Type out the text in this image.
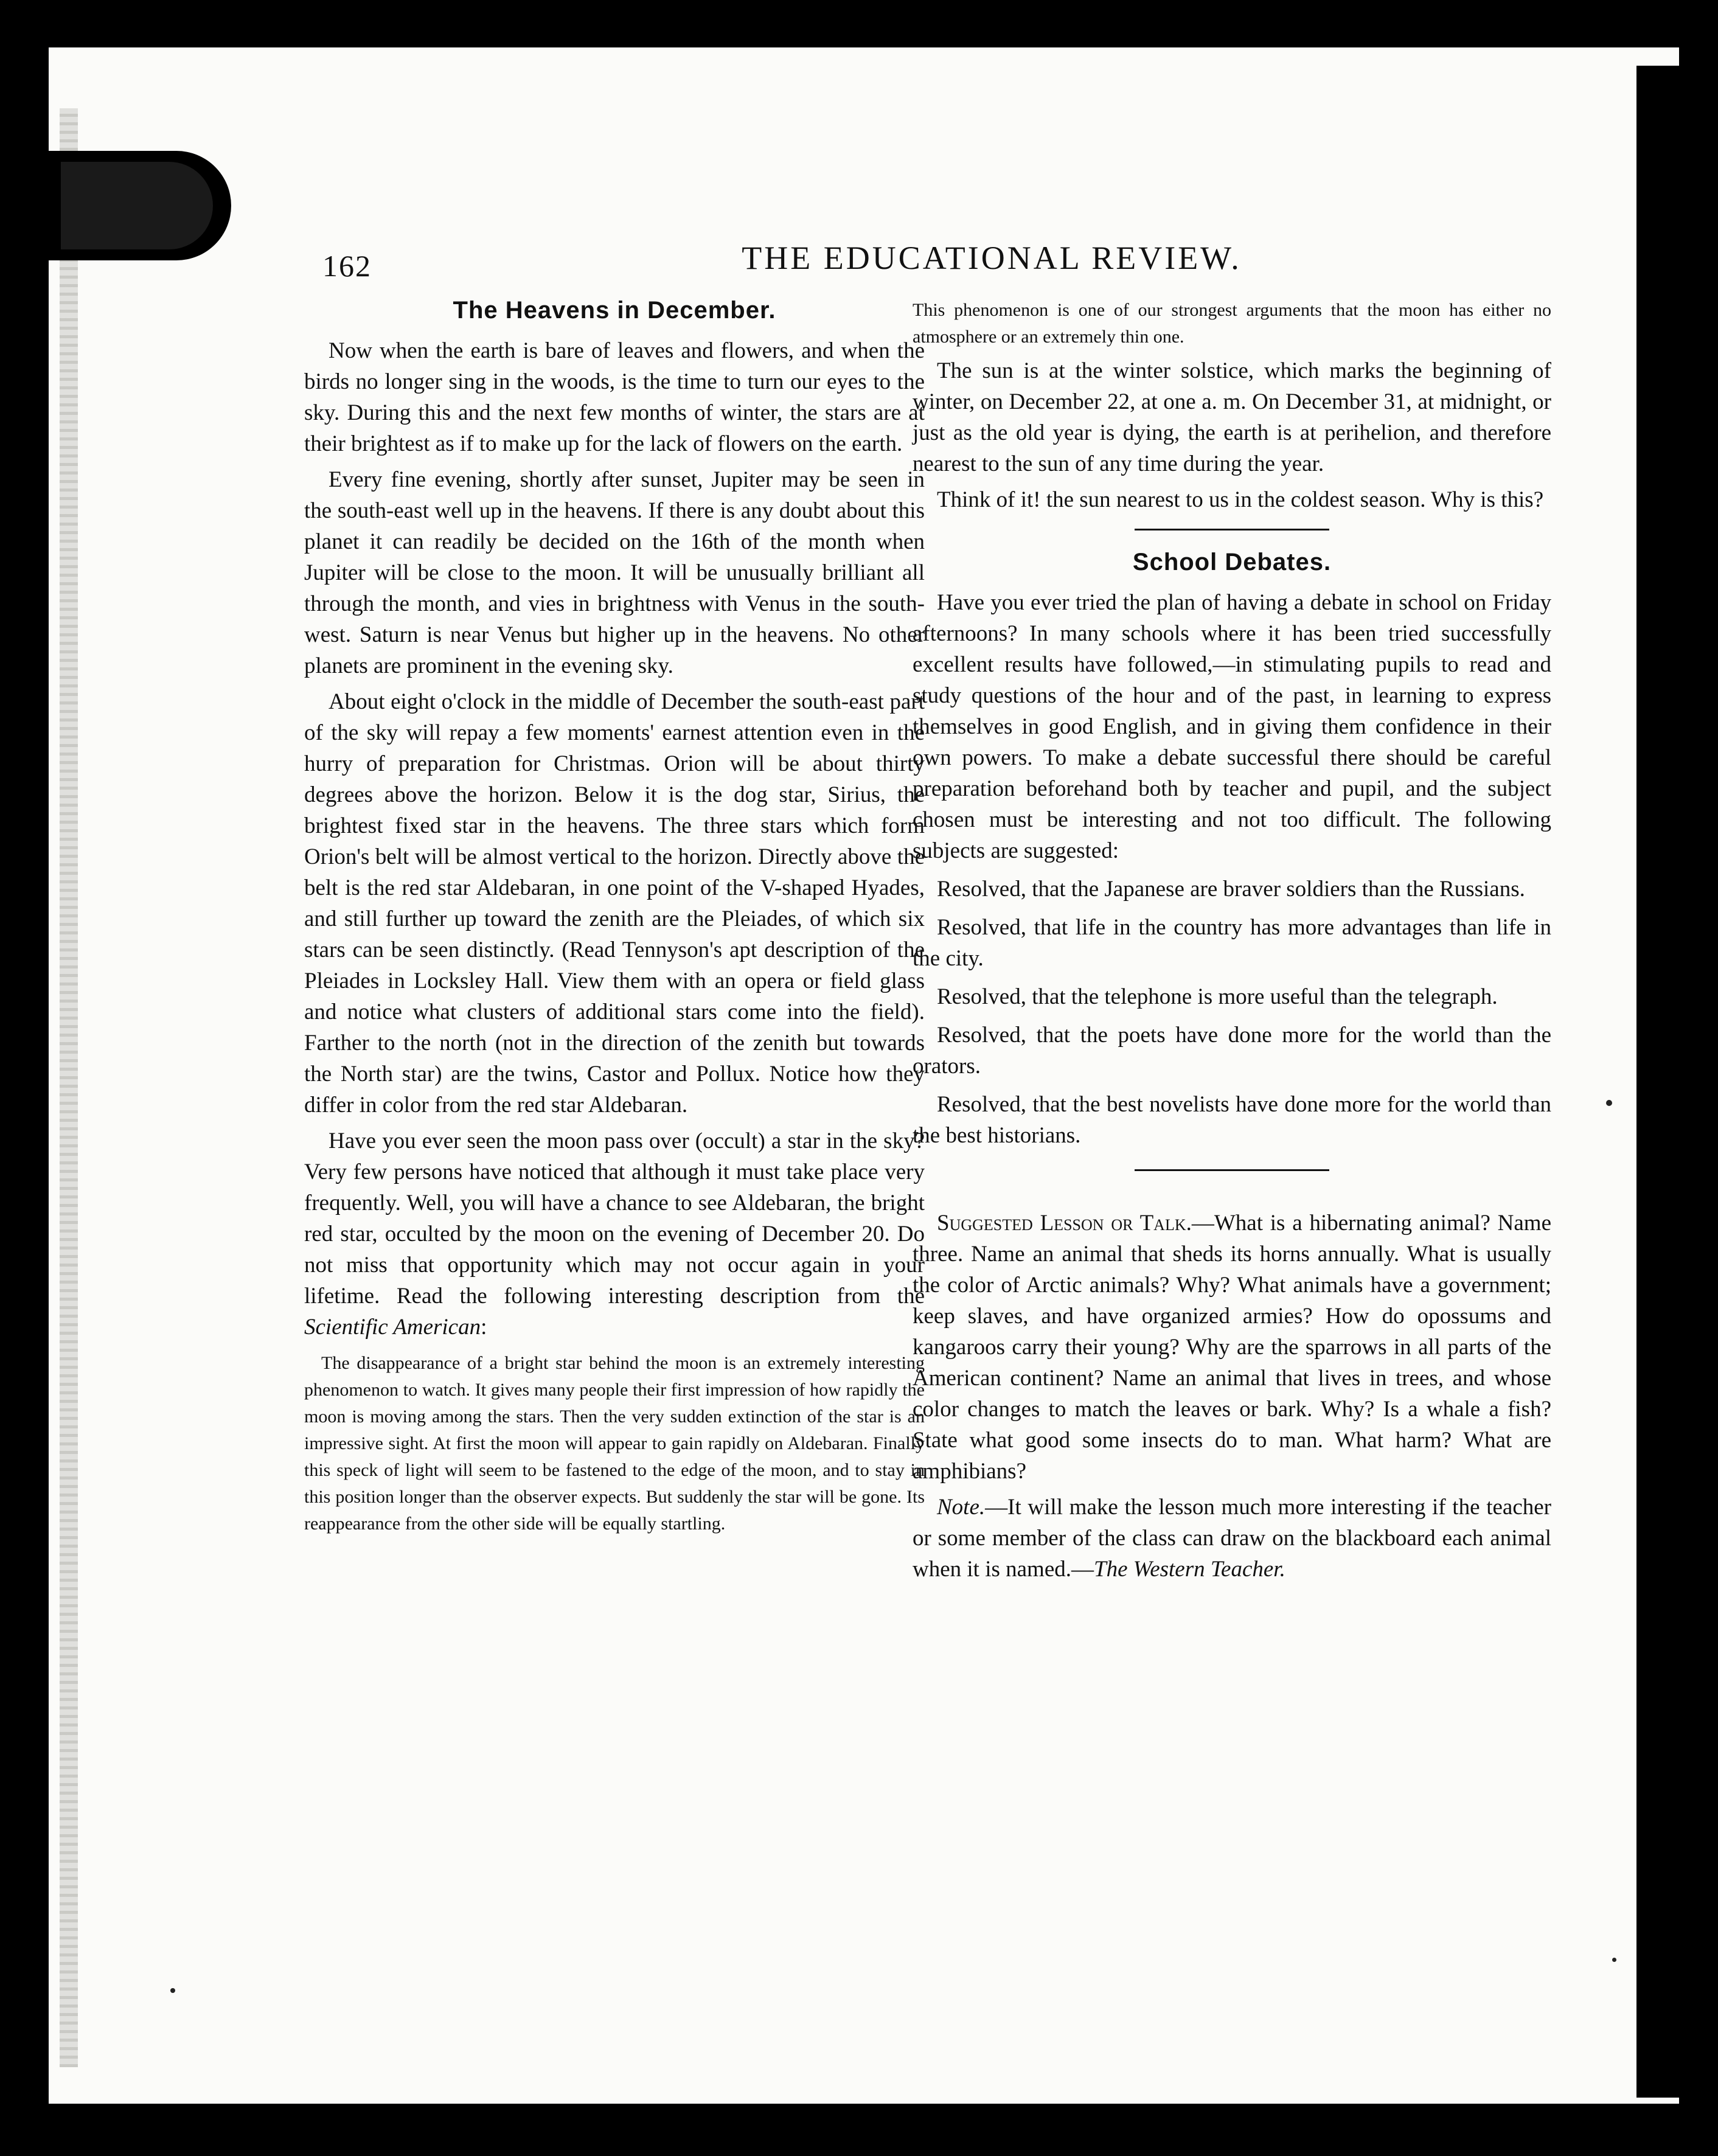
162	THE EDUCATIONAL REVIEW.
The Heavens in December.

Now when the earth is bare of leaves and flowers, and when the birds no longer sing in the woods, is the time to turn our eyes to the sky. During this and the next few months of winter, the stars are at their brightest as if to make up for the lack of flowers on the earth.

Every fine evening, shortly after sunset, Jupiter may be seen in the south-east well up in the heavens. If there is any doubt about this planet it can readily be decided on the 16th of the month when Jupiter will be close to the moon. It will be unusually brilliant all through the month, and vies in brightness with Venus in the south-west. Saturn is near Venus but higher up in the heavens. No other planets are prominent in the evening sky.

About eight o'clock in the middle of December the south-east part of the sky will repay a few moments' earnest attention even in the hurry of preparation for Christmas. Orion will be about thirty degrees above the horizon. Below it is the dog star, Sirius, the brightest fixed star in the heavens. The three stars which form Orion's belt will be almost vertical to the horizon. Directly above the belt is the red star Aldebaran, in one point of the V-shaped Hyades, and still further up toward the zenith are the Pleiades, of which six stars can be seen distinctly. (Read Tennyson's apt description of the Pleiades in Locksley Hall. View them with an opera or field glass and notice what clusters of additional stars come into the field). Farther to the north (not in the direction of the zenith but towards the North star) are the twins, Castor and Pollux. Notice how they differ in color from the red star Aldebaran.

Have you ever seen the moon pass over (occult) a star in the sky? Very few persons have noticed that although it must take place very frequently. Well, you will have a chance to see Aldebaran, the bright red star, occulted by the moon on the evening of December 20. Do not miss that opportunity which may not occur again in your lifetime. Read the following interesting description from the Scientific American:

The disappearance of a bright star behind the moon is an extremely interesting phenomenon to watch. It gives many people their first impression of how rapidly the moon is moving among the stars. Then the very sudden extinction of the star is an impressive sight. At first the moon will appear to gain rapidly on Aldebaran. Finally this speck of light will seem to be fastened to the edge of the moon, and to stay in this position longer than the observer expects. But suddenly the star will be gone. Its reappearance from the other side will be equally startling.

This phenomenon is one of our strongest arguments that the moon has either no atmosphere or an extremely thin one.

The sun is at the winter solstice, which marks the beginning of winter, on December 22, at one a. m. On December 31, at midnight, or just as the old year is dying, the earth is at perihelion, and therefore nearest to the sun of any time during the year.

Think of it! the sun nearest to us in the coldest season. Why is this?

School Debates.

Have you ever tried the plan of having a debate in school on Friday afternoons? In many schools where it has been tried successfully excellent results have followed,—in stimulating pupils to read and study questions of the hour and of the past, in learning to express themselves in good English, and in giving them confidence in their own powers. To make a debate successful there should be careful preparation beforehand both by teacher and pupil, and the subject chosen must be interesting and not too difficult. The following subjects are suggested:

Resolved, that the Japanese are braver soldiers than the Russians.

Resolved, that life in the country has more advantages than life in the city.

Resolved, that the telephone is more useful than the telegraph.

Resolved, that the poets have done more for the world than the orators.

Resolved, that the best novelists have done more for the world than the best historians.

Suggested Lesson or Talk.—What is a hibernating animal? Name three. Name an animal that sheds its horns annually. What is usually the color of Arctic animals? Why? What animals have a government; keep slaves, and have organized armies? How do opossums and kangaroos carry their young? Why are the sparrows in all parts of the American continent? Name an animal that lives in trees, and whose color changes to match the leaves or bark. Why? Is a whale a fish? State what good some insects do to man. What harm? What are amphibians?

Note.—It will make the lesson much more interesting if the teacher or some member of the class can draw on the blackboard each animal when it is named.—The Western Teacher.
